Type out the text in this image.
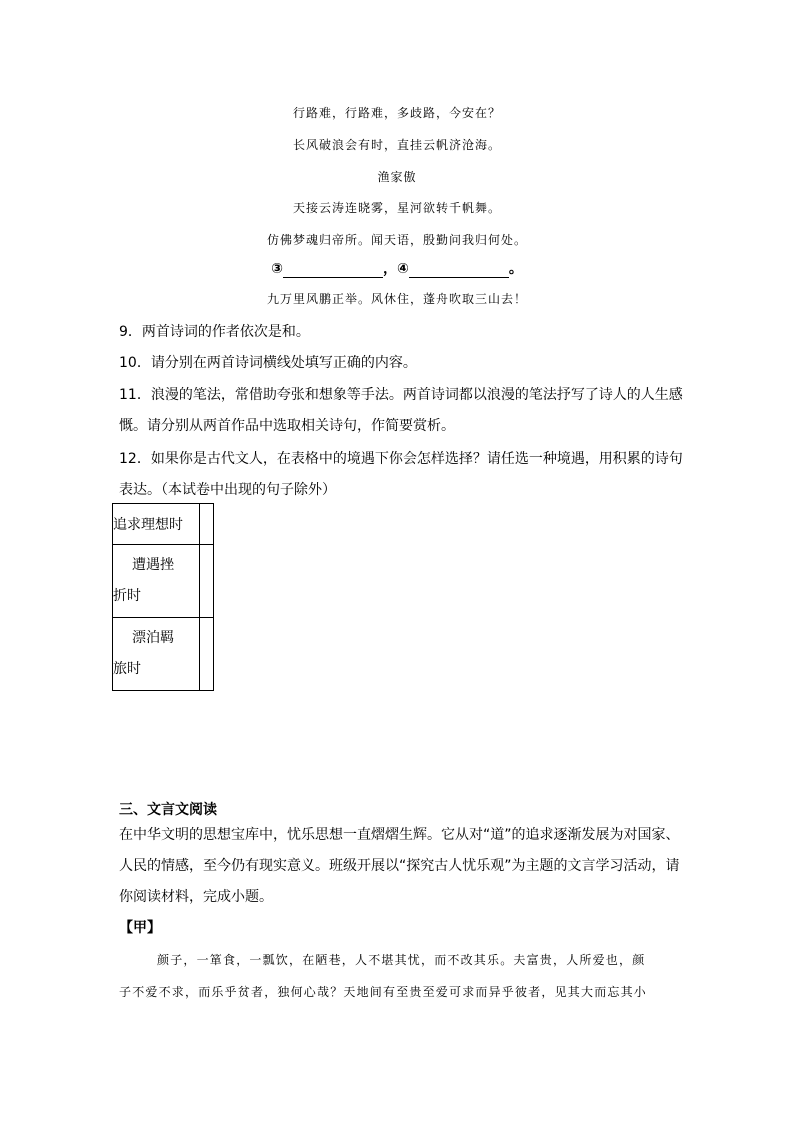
行路难，行路难，多歧路，今安在？
长风破浪会有时，直挂云帆济沧海。
渔家傲
天接云涛连晓雾，星河欲转千帆舞。
仿佛梦魂归帝所。闻天语，殷勤问我归何处。
③	，④	。
九万里风鹏正举。风休住，蓬舟吹取三山去！
9．两首诗词的作者依次是和。
10．请分别在两首诗词横线处填写正确的内容。
11．浪漫的笔法，常借助夸张和想象等手法。两首诗词都以浪漫的笔法抒写了诗人的人生感
慨。请分别从两首作品中选取相关诗句，作简要赏析。
12．如果你是古代文人，在表格中的境遇下你会怎样选择？请任选一种境遇，用积累的诗句
表达。（本试卷中出现的句子除外）
追求理想时	

遭遇挫
折时	

漂泊羁
旅时	

三、文言文阅读
在中华文明的思想宝库中，忧乐思想一直熠熠生辉。它从对“道”的追求逐渐发展为对国家、
人民的情感，至今仍有现实意义。班级开展以“探究古人忧乐观”为主题的文言学习活动，请
你阅读材料，完成小题。
【甲】
颜子，一箪食，一瓢饮，在陋巷，人不堪其忧，而不改其乐。夫富贵，人所爱也，颜
子不爱不求，而乐乎贫者，独何心哉？天地间有至贵至爱可求而异乎彼者，见其大而忘其小
